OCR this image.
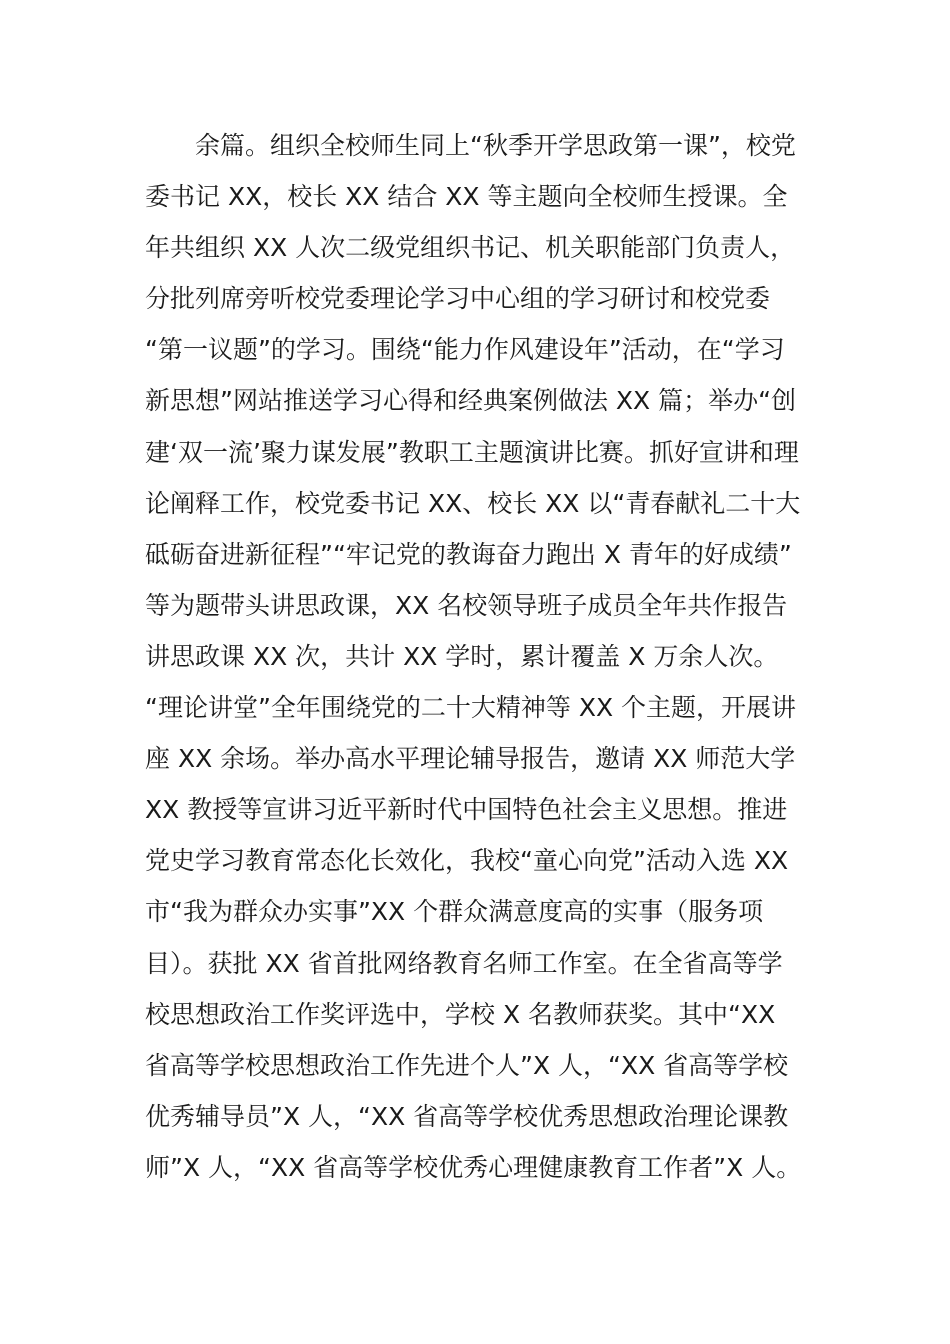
余篇。组织全校师生同上“秋季开学思政第一课”，校党
委书记 XX，校长 XX 结合 XX 等主题向全校师生授课。全
年共组织 XX 人次二级党组织书记、机关职能部门负责人，
分批列席旁听校党委理论学习中心组的学习研讨和校党委
“第一议题”的学习。围绕“能力作风建设年”活动，在“学习
新思想”网站推送学习心得和经典案例做法 XX 篇；举办“创
建‘双一流’聚力谋发展”教职工主题演讲比赛。抓好宣讲和理
论阐释工作，校党委书记 XX、校长 XX 以“青春献礼二十大
砥砺奋进新征程”“牢记党的教诲奋力跑出 X 青年的好成绩”
等为题带头讲思政课，XX 名校领导班子成员全年共作报告
讲思政课 XX 次，共计 XX 学时，累计覆盖 X 万余人次。
“理论讲堂”全年围绕党的二十大精神等 XX 个主题，开展讲
座 XX 余场。举办高水平理论辅导报告，邀请 XX 师范大学
XX 教授等宣讲习近平新时代中国特色社会主义思想。推进
党史学习教育常态化长效化，我校“童心向党”活动入选 XX
市“我为群众办实事”XX 个群众满意度高的实事（服务项
目）。获批 XX 省首批网络教育名师工作室。在全省高等学
校思想政治工作奖评选中，学校 X 名教师获奖。其中“XX
省高等学校思想政治工作先进个人”X 人，“XX 省高等学校
优秀辅导员”X 人，“XX 省高等学校优秀思想政治理论课教
师”X 人，“XX 省高等学校优秀心理健康教育工作者”X 人。
